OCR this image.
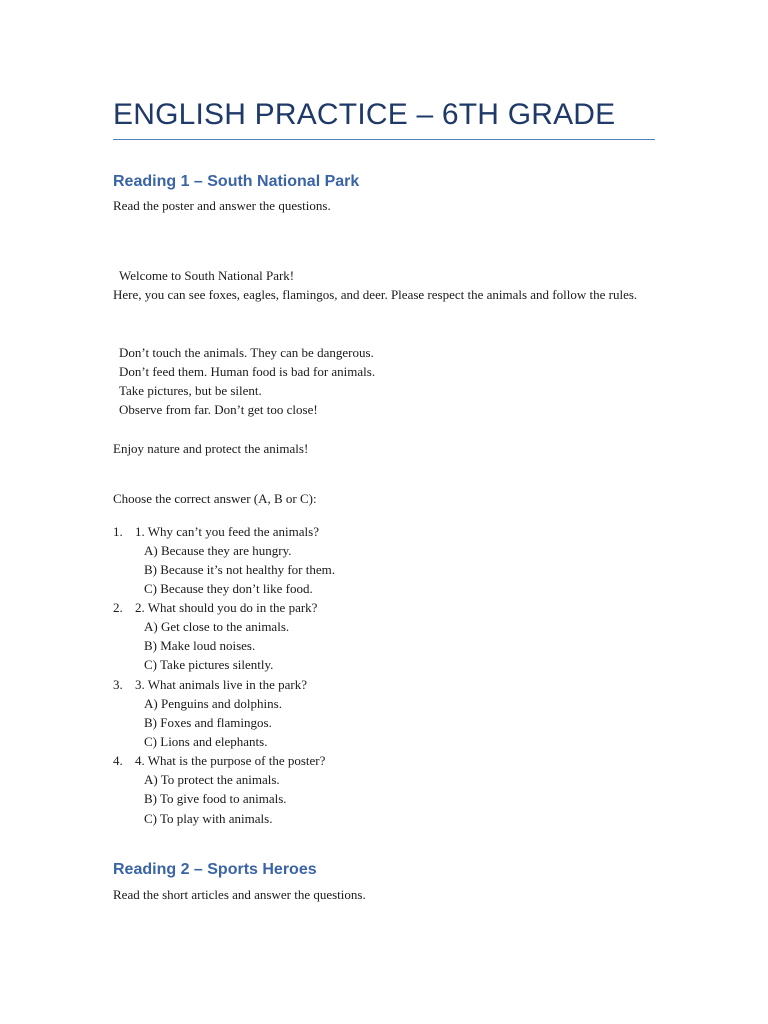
ENGLISH PRACTICE – 6TH GRADE
Reading 1 – South National Park

Read the poster and answer the questions.

Welcome to South National Park!

Here, you can see foxes, eagles, flamingos, and deer. Please respect the animals and follow the rules.

Don’t touch the animals. They can be dangerous.

Don’t feed them. Human food is bad for animals.

Take pictures, but be silent.

Observe from far. Don’t get too close!

Enjoy nature and protect the animals!

Choose the correct answer (A, B or C):

1. 1. Why can’t you feed the animals?

A) Because they are hungry.

B) Because it’s not healthy for them.

C) Because they don’t like food.

2. 2. What should you do in the park?

A) Get close to the animals.

B) Make loud noises.

C) Take pictures silently.

3. 3. What animals live in the park?

A) Penguins and dolphins.

B) Foxes and flamingos.

C) Lions and elephants.

4. 4. What is the purpose of the poster?

A) To protect the animals.

B) To give food to animals.

C) To play with animals.

Reading 2 – Sports Heroes

Read the short articles and answer the questions.
